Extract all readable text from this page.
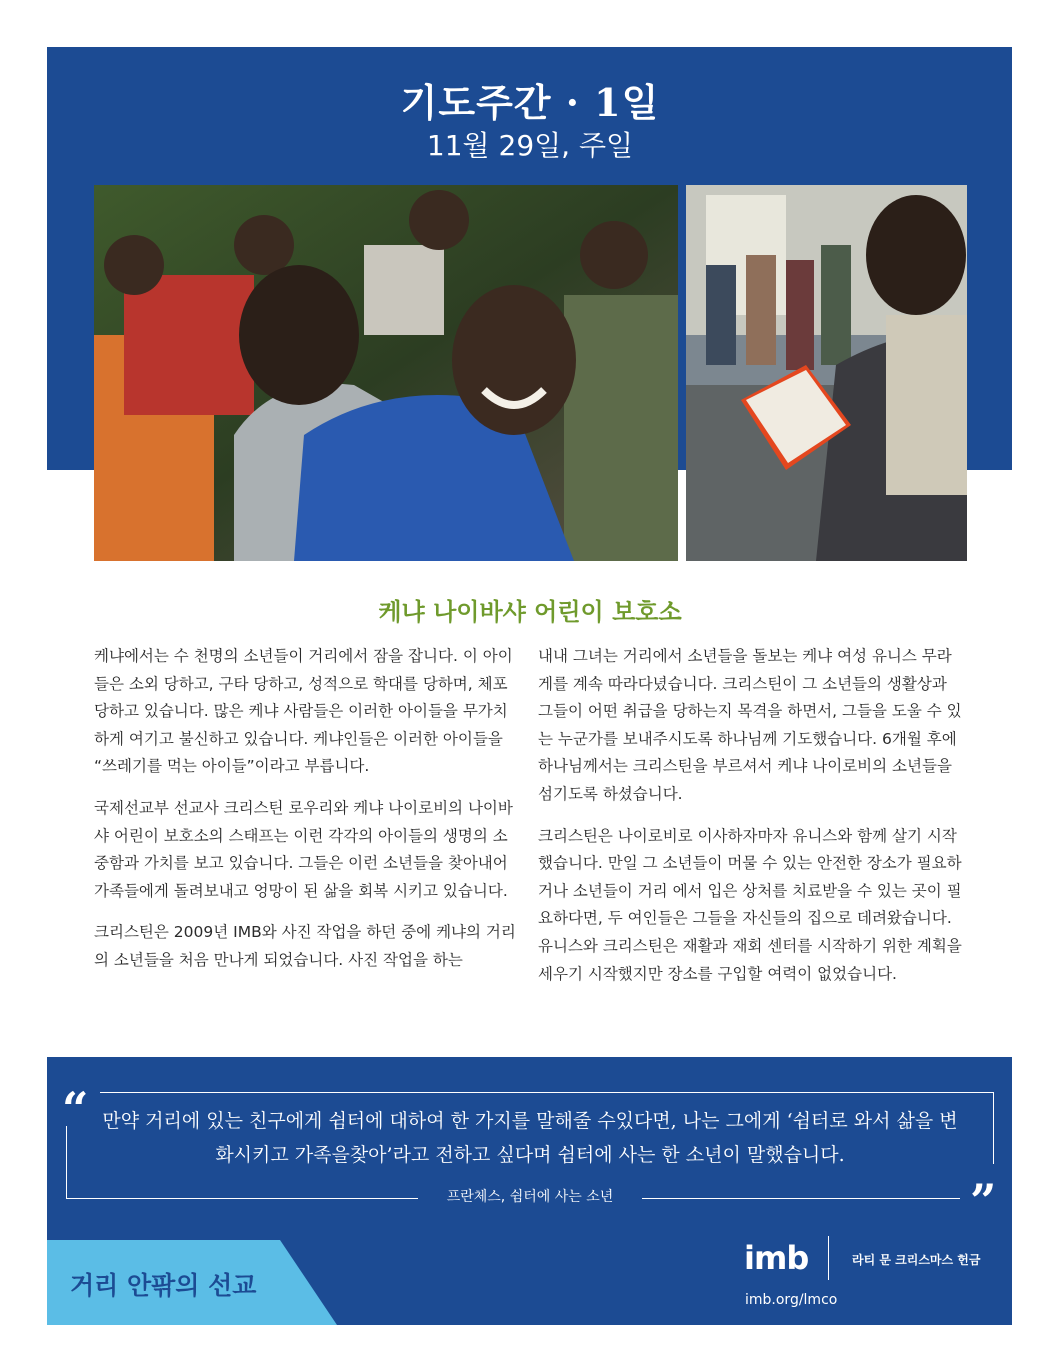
기도주간 · 1일
11월 29일, 주일
케냐 나이바샤 어린이 보호소

케냐에서는 수 천명의 소년들이 거리에서 잠을 잡니다. 이 아이들은 소외 당하고, 구타 당하고, 성적으로 학대를 당하며, 체포 당하고 있습니다. 많은 케냐 사람들은 이러한 아이들을 무가치하게 여기고 불신하고 있습니다. 케냐인들은 이러한 아이들을 “쓰레기를 먹는 아이들”이라고 부릅니다.

국제선교부 선교사 크리스틴 로우리와 케냐 나이로비의 나이바샤 어린이 보호소의 스태프는 이런 각각의 아이들의 생명의 소중함과 가치를 보고 있습니다. 그들은 이런 소년들을 찾아내어 가족들에게 돌려보내고 엉망이 된 삶을 회복 시키고 있습니다.

크리스틴은 2009년 IMB와 사진 작업을 하던 중에 케냐의 거리의 소년들을 처음 만나게 되었습니다. 사진 작업을 하는

내내 그녀는 거리에서 소년들을 돌보는 케냐 여성 유니스 무라게를 계속 따라다녔습니다. 크리스틴이 그 소년들의 생활상과 그들이 어떤 취급을 당하는지 목격을 하면서, 그들을 도울 수 있는 누군가를 보내주시도록 하나님께 기도했습니다. 6개월 후에 하나님께서는 크리스틴을 부르셔서 케냐 나이로비의 소년들을 섬기도록 하셨습니다.

크리스틴은 나이로비로 이사하자마자 유니스와 함께 살기 시작했습니다. 만일 그 소년들이 머물 수 있는 안전한 장소가 필요하거나 소년들이 거리 에서 입은 상처를 치료받을 수 있는 곳이 필요하다면, 두 여인들은 그들을 자신들의 집으로 데려왔습니다. 유니스와 크리스틴은 재활과 재회 센터를 시작하기 위한 계획을 세우기 시작했지만 장소를 구입할 여력이 없었습니다.

“
”
만약 거리에 있는 친구에게 쉼터에 대하여 한 가지를 말해줄 수있다면, 나는 그에게 ‘쉼터로 와서 삶을 변화시키고 가족을찾아’라고 전하고 싶다며 쉼터에 사는 한 소년이 말했습니다.
프란체스, 쉼터에 사는 소년
거리 안팎의 선교
imb	라티 문 크리스마스 헌금
imb.org/lmco
